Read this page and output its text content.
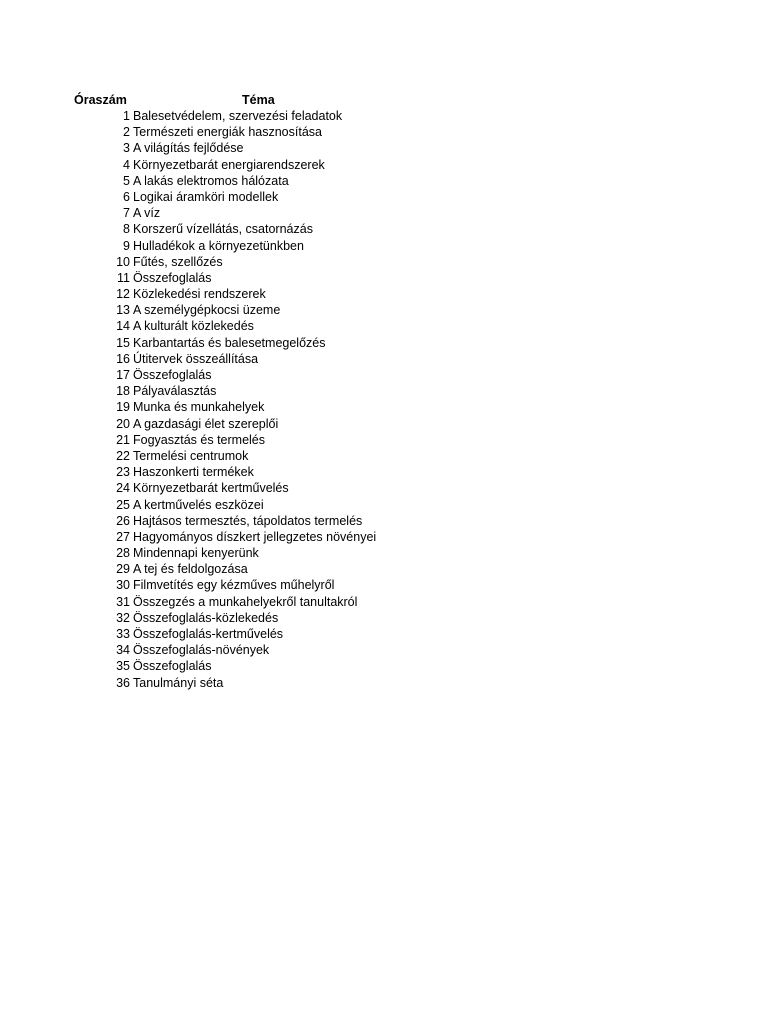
Óraszám	Téma
1 Balesetvédelem, szervezési feladatok
2 Természeti energiák hasznosítása
3 A világítás fejlődése
4 Környezetbarát energiarendszerek
5 A lakás elektromos hálózata
6 Logikai áramköri modellek
7 A víz
8 Korszerű vízellátás, csatornázás
9 Hulladékok a környezetünkben
10 Fűtés, szellőzés
11 Összefoglalás
12 Közlekedési rendszerek
13 A személygépkocsi üzeme
14 A kulturált közlekedés
15 Karbantartás és balesetmegelőzés
16 Útitervek összeállítása
17 Összefoglalás
18 Pályaválasztás
19 Munka és munkahelyek
20 A gazdasági élet szereplői
21 Fogyasztás és termelés
22 Termelési centrumok
23 Haszonkerti termékek
24 Környezetbarát kertművelés
25 A kertművelés eszközei
26 Hajtásos termesztés, tápoldatos termelés
27 Hagyományos díszkert jellegzetes növényei
28 Mindennapi kenyerünk
29 A tej és feldolgozása
30 Filmvetítés egy kézműves műhelyről
31 Összegzés a munkahelyekről tanultakról
32 Összefoglalás-közlekedés
33 Összefoglalás-kertművelés
34 Összefoglalás-növények
35 Összefoglalás
36 Tanulmányi séta
